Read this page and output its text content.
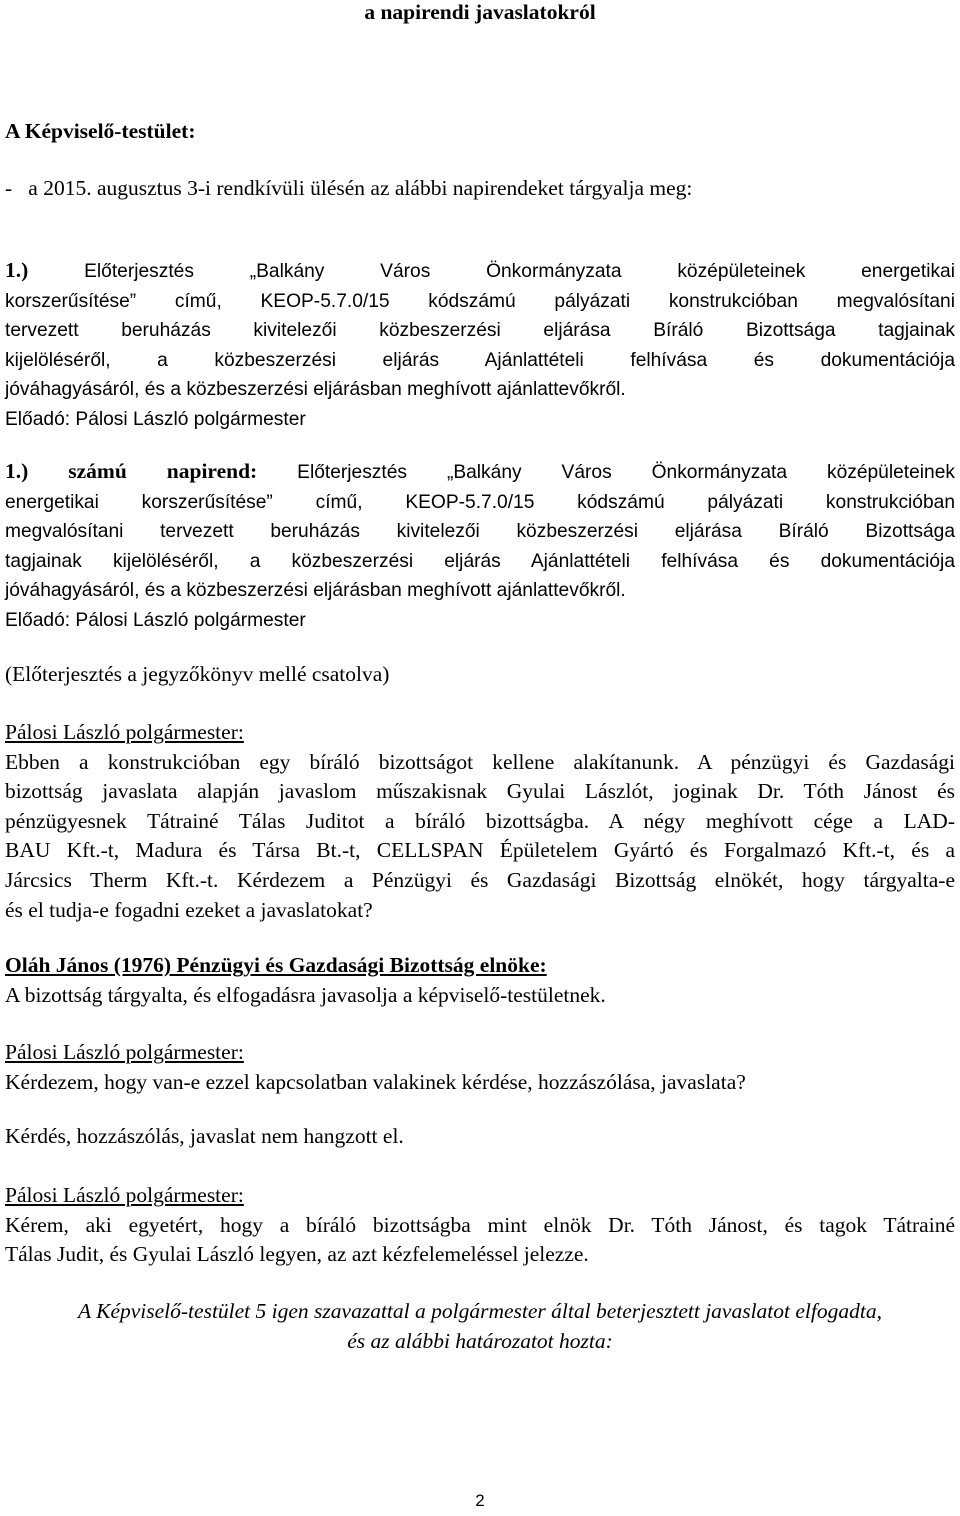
a napirendi javaslatokról

A Képviselő-testület:

-   a 2015. augusztus 3-i rendkívüli ülésén az alábbi napirendeket tárgyalja meg:

1.)	Előterjesztés „Balkány Város Önkormányzata középületeinek energetikai

korszerűsítése” című, KEOP-5.7.0/15 kódszámú pályázati konstrukcióban megvalósítani

tervezett beruházás kivitelezői közbeszerzési eljárása Bíráló Bizottsága tagjainak

kijelöléséről, a közbeszerzési eljárás Ajánlattételi felhívása és dokumentációja

jóváhagyásáról, és a közbeszerzési eljárásban meghívott ajánlattevőkről.

Előadó: Pálosi László polgármester

1.) számú napirend: Előterjesztés „Balkány Város Önkormányzata középületeinek

energetikai korszerűsítése” című, KEOP-5.7.0/15 kódszámú pályázati konstrukcióban

megvalósítani tervezett beruházás kivitelezői közbeszerzési eljárása Bíráló Bizottsága

tagjainak kijelöléséről, a közbeszerzési eljárás Ajánlattételi felhívása és dokumentációja

jóváhagyásáról, és a közbeszerzési eljárásban meghívott ajánlattevőkről.

Előadó: Pálosi László polgármester

(Előterjesztés a jegyzőkönyv mellé csatolva)

Pálosi László polgármester:

Ebben a konstrukcióban egy bíráló bizottságot kellene alakítanunk. A pénzügyi és Gazdasági

bizottság javaslata alapján javaslom műszakisnak Gyulai Lászlót, joginak Dr. Tóth Jánost és

pénzügyesnek Tátrainé Tálas Juditot a bíráló bizottságba. A négy meghívott cége a LAD-

BAU Kft.-t, Madura és Társa Bt.-t, CELLSPAN Épületelem Gyártó és Forgalmazó Kft.-t, és a

Járcsics Therm Kft.-t. Kérdezem a Pénzügyi és Gazdasági Bizottság elnökét, hogy tárgyalta-e

és el tudja-e fogadni ezeket a javaslatokat?

Oláh János (1976) Pénzügyi és Gazdasági Bizottság elnöke:

A bizottság tárgyalta, és elfogadásra javasolja a képviselő-testületnek.

Pálosi László polgármester:

Kérdezem, hogy van-e ezzel kapcsolatban valakinek kérdése, hozzászólása, javaslata?

Kérdés, hozzászólás, javaslat nem hangzott el.

Pálosi László polgármester:

Kérem, aki egyetért, hogy a bíráló bizottságba mint elnök Dr. Tóth Jánost, és tagok Tátrainé

Tálas Judit, és Gyulai László legyen, az azt kézfelemeléssel jelezze.

A Képviselő-testület 5 igen szavazattal a polgármester által beterjesztett javaslatot elfogadta,

és az alábbi határozatot hozta:

2
